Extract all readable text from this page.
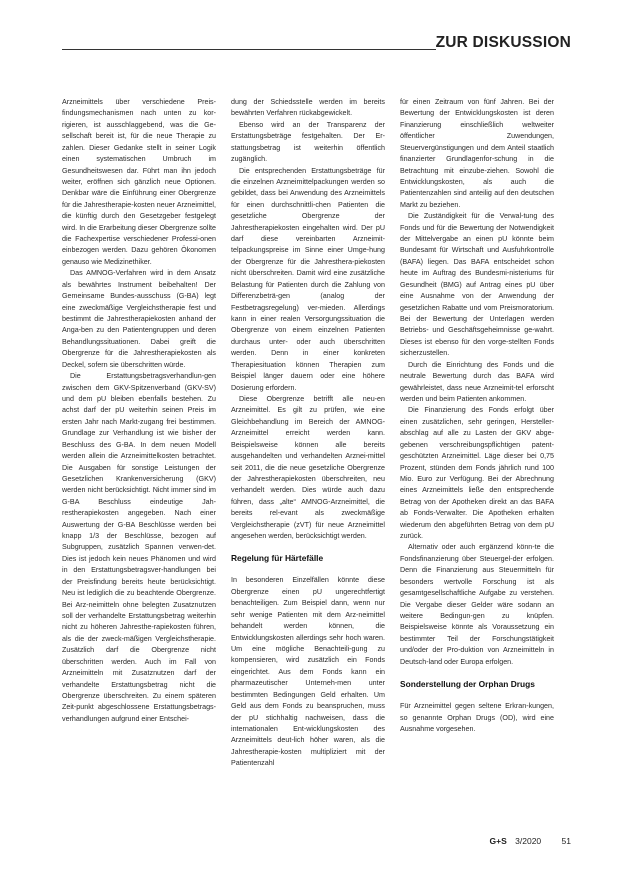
ZUR DISKUSSION

Arzneimittels über verschiedene Preis-findungsmechanismen nach unten zu kor-rigieren, ist ausschlaggebend, was die Ge-sellschaft bereit ist, für die neue Therapie zu zahlen. Dieser Gedanke stellt in seiner Logik einen systematischen Umbruch im Gesundheitswesen dar. Führt man ihn jedoch weiter, eröffnen sich gänzlich neue Optionen. Denkbar wäre die Einführung einer Obergrenze für die Jahrestherapie-kosten neuer Arzneimittel, die künftig durch den Gesetzgeber festgelegt wird. In die Erarbeitung dieser Obergrenze sollte die Fachexpertise verschiedener Professi-onen einbezogen werden. Dazu gehören Ökonomen genauso wie Medizinethiker.

Das AMNOG-Verfahren wird in dem Ansatz als bewährtes Instrument beibehalten! Der Gemeinsame Bundes-ausschuss (G-BA) legt eine zweckmäßige Vergleichstherapie fest und bestimmt die Jahrestherapiekosten anhand der Anga-ben zu den Patientengruppen und deren Behandlungssituationen. Dabei greift die Obergrenze für die Jahrestherapiekosten als Deckel, sofern sie überschritten würde.

Die Erstattungsbetragsverhandlun-gen zwischen dem GKV-Spitzenverband (GKV-SV) und dem pU bleiben ebenfalls bestehen. Zu achst darf der pU weiterhin seinen Preis im ersten Jahr nach Markt-zugang frei bestimmen. Grundlage zur Verhandlung ist wie bisher der Beschluss des G-BA. In dem neuen Modell werden allein die Arzneimittelkosten betrachtet. Die Ausgaben für sonstige Leistungen der Gesetzlichen Krankenversicherung (GKV) werden nicht berücksichtigt. Nicht immer sind im G-BA Beschluss eindeutige Jah-restherapiekosten angegeben. Nach einer Auswertung der G-BA Beschlüsse werden bei knapp 1/3 der Beschlüsse, bezogen auf Subgruppen, zusätzlich Spannen verwen-det. Dies ist jedoch kein neues Phänomen und wird in den Erstattungsbetragsver-handlungen bei der Preisfindung bereits heute berücksichtigt. Neu ist lediglich die zu beachtende Obergrenze. Bei Arz-neimitteln ohne belegten Zusatznutzen soll der verhandelte Erstattungsbetrag weiterhin nicht zu höheren Jahresthe-rapiekosten führen, als die der zweck-mäßigen Vergleichstherapie. Zusätzlich darf die Obergrenze nicht überschritten werden. Auch im Fall von Arzneimitteln mit Zusatznutzen darf der verhandelte Erstattungsbetrag nicht die Obergrenze überschreiten. Zu einem späteren Zeit-punkt abgeschlossene Erstattungsbetrags-verhandlungen aufgrund einer Entschei-

dung der Schiedsstelle werden im bereits bewährten Verfahren rückabgewickelt.

Ebenso wird an der Transparenz der Erstattungsbeträge festgehalten. Der Er-stattungsbetrag ist weiterhin öffentlich zugänglich.

Die entsprechenden Erstattungsbeträge für die einzelnen Arzneimittelpackungen werden so gebildet, dass bei Anwendung des Arzneimittels für einen durchschnittli-chen Patienten die gesetzliche Obergrenze der Jahrestherapiekosten eingehalten wird. Der pU darf diese vereinbarten Arzneimit-telpackungspreise im Sinne einer Umge-hung der Obergrenze für die Jahresthera-piekosten nicht überschreiten. Damit wird eine zusätzliche Belastung für Patienten durch die Zahlung von Differenzbeträ-gen (analog der Festbetragsregelung) ver-mieden. Allerdings kann in einer realen Versorgungssituation die Obergrenze von einem einzelnen Patienten durchaus unter- oder auch überschritten werden. Denn in einer konkreten Therapiesituation können Therapien zum Beispiel länger dauern oder eine höhere Dosierung erfordern.

Diese Obergrenze betrifft alle neu-en Arzneimittel. Es gilt zu prüfen, wie eine Gleichbehandlung im Bereich der AMNOG-Arzneimittel erreicht werden kann. Beispielsweise können alle bereits ausgehandelten und verhandelten Arznei-mittel seit 2011, die die neue gesetzliche Obergrenze der Jahrestherapiekosten überschreiten, neu verhandelt werden. Dies würde auch dazu führen, dass „alte“ AMNOG-Arzneimittel, die bereits rel-evant als zweckmäßige Vergleichstherapie (zVT) für neue Arzneimittel angesehen werden, berücksichtigt werden.

Regelung für Härtefälle

In besonderen Einzelfällen könnte diese Obergrenze einen pU ungerechtfertigt benachteiligen. Zum Beispiel dann, wenn nur sehr wenige Patienten mit dem Arz-neimittel behandelt werden können, die Entwicklungskosten allerdings sehr hoch waren. Um eine mögliche Benachteili-gung zu kompensieren, wird zusätzlich ein Fonds eingerichtet. Aus dem Fonds kann ein pharmazeutischer Unterneh-men unter bestimmten Bedingungen Geld erhalten. Um Geld aus dem Fonds zu beanspruchen, muss der pU stichhaltig nachweisen, dass die internationalen Ent-wicklungskosten des Arzneimittels deut-lich höher waren, als die Jahrestherapie-kosten multipliziert mit der Patientenzahl

für einen Zeitraum von fünf Jahren. Bei der Bewertung der Entwicklungskosten ist deren Finanzierung einschließlich weltweiter öffentlicher Zuwendungen, Steuervergünstigungen und dem Anteil staatlich finanzierter Grundlagenfor-schung in die Betrachtung mit einzube-ziehen. Sowohl die Entwicklungskosten, als auch die Patientenzahlen sind anteilig auf den deutschen Markt zu beziehen.

Die Zuständigkeit für die Verwal-tung des Fonds und für die Bewertung der Notwendigkeit der Mittelvergabe an einen pU könnte beim Bundesamt für Wirtschaft und Ausfuhrkontrolle (BAFA) liegen. Das BAFA entscheidet schon heute im Auftrag des Bundesmi-nisteriums für Gesundheit (BMG) auf Antrag eines pU über eine Ausnahme von der Anwendung der gesetzlichen Rabatte und vom Preismoratorium. Bei der Bewertung der Unterlagen werden Betriebs- und Geschäftsgeheimnisse ge-wahrt. Dieses ist ebenso für den vorge-stellten Fonds sicherzustellen.

Durch die Einrichtung des Fonds und die neutrale Bewertung durch das BAFA wird gewährleistet, dass neue Arzneimit-tel erforscht werden und beim Patienten ankommen.

Die Finanzierung des Fonds erfolgt über einen zusätzlichen, sehr geringen, Hersteller-abschlag auf alle zu Lasten der GKV abge-gebenen verschreibungspflichtigen patent-geschützten Arzneimittel. Läge dieser bei 0,75 Prozent, stünden dem Fonds jährlich rund 100 Mio. Euro zur Verfügung. Bei der Abrechnung eines Arzneimittels ließe den entsprechende Betrag von der Apotheken direkt an das BAFA ab Fonds-Verwalter. Die Apotheken erhalten wiederum den abgeführten Betrag von dem pU zurück.

Alternativ oder auch ergänzend könn-te die Fondsfinanzierung über Steuergel-der erfolgen. Denn die Finanzierung aus Steuermitteln für besonders wertvolle Forschung ist als gesamtgesellschaftliche Aufgabe zu verstehen. Die Vergabe dieser Gelder wäre sodann an weitere Bedingun-gen zu knüpfen. Beispielsweise könnte als Voraussetzung ein bestimmter Teil der Forschungstätigkeit und/oder der Pro-duktion von Arzneimitteln in Deutsch-land oder Europa erfolgen.

Sonderstellung der Orphan Drugs

Für Arzneimittel gegen seltene Erkran-kungen, so genannte Orphan Drugs (OD), wird eine Ausnahme vorgesehen.

G+S 3/2020 51
